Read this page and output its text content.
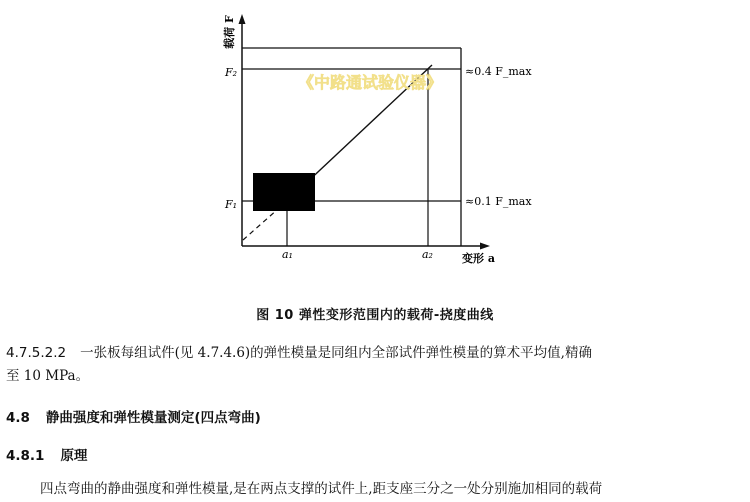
载荷 F
F₂
F₁
a₁	a₂	变形 a
≈0.4 F_max
≈0.1 F_max
《中路通试验仪器》
图 10 弹性变形范围内的载荷-挠度曲线
4.7.5.2.2 一张板每组试件(见 4.7.4.6)的弹性模量是同组内全部试件弹性模量的算术平均值,精确
至 10 MPa。
4.8 静曲强度和弹性模量测定(四点弯曲)
4.8.1 原理
四点弯曲的静曲强度和弹性模量,是在两点支撑的试件上,距支座三分之一处分别施加相同的载荷
